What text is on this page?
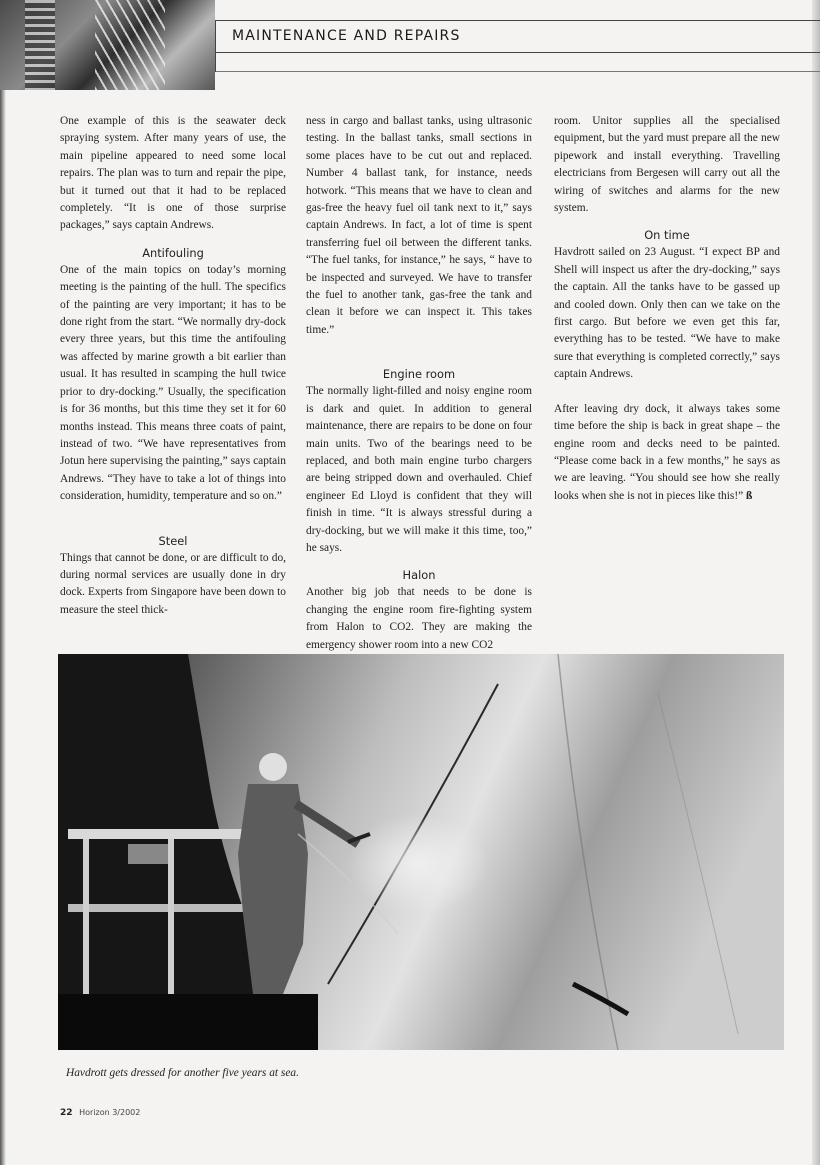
MAINTENANCE AND REPAIRS

One example of this is the seawater deck spraying system. After many years of use, the main pipeline appeared to need some local repairs. The plan was to turn and repair the pipe, but it turned out that it had to be replaced completely. “It is one of those surprise packages,” says captain Andrews.

Antifouling

One of the main topics on today’s morning meeting is the painting of the hull. The specifics of the painting are very important; it has to be done right from the start. “We normally dry-dock every three years, but this time the antifouling was affected by marine growth a bit earlier than usual. It has resulted in scamping the hull twice prior to dry-docking.” Usually, the specification is for 36 months, but this time they set it for 60 months instead. This means three coats of paint, instead of two. “We have representatives from Jotun here supervising the painting,” says captain Andrews. “They have to take a lot of things into consideration, humidity, temperature and so on.”

Steel

Things that cannot be done, or are difficult to do, during normal services are usually done in dry dock. Experts from Singapore have been down to measure the steel thick-

ness in cargo and ballast tanks, using ultrasonic testing. In the ballast tanks, small sections in some places have to be cut out and replaced. Number 4 ballast tank, for instance, needs hotwork. “This means that we have to clean and gas-free the heavy fuel oil tank next to it,” says captain Andrews. In fact, a lot of time is spent transferring fuel oil between the different tanks. “The fuel tanks, for instance,” he says, “ have to be inspected and surveyed. We have to transfer the fuel to another tank, gas-free the tank and clean it before we can inspect it. This takes time.”

Engine room

The normally light-filled and noisy engine room is dark and quiet. In addition to general maintenance, there are repairs to be done on four main units. Two of the bearings need to be replaced, and both main engine turbo chargers are being stripped down and overhauled. Chief engineer Ed Lloyd is confident that they will finish in time. “It is always stressful during a dry-docking, but we will make it this time, too,” he says.

Halon

Another big job that needs to be done is changing the engine room fire-fighting system from Halon to CO2. They are making the emergency shower room into a new CO2

room. Unitor supplies all the specialised equipment, but the yard must prepare all the new pipework and install everything. Travelling electricians from Bergesen will carry out all the wiring of switches and alarms for the new system.

On time

Havdrott sailed on 23 August. “I expect BP and Shell will inspect us after the dry-docking,” says the captain. All the tanks have to be gassed up and cooled down. Only then can we take on the first cargo. But before we even get this far, everything has to be tested. “We have to make sure that everything is completed correctly,” says captain Andrews.

After leaving dry dock, it always takes some time before the ship is back in great shape – the engine room and decks need to be painted. “Please come back in a few months,” he says as we are leaving. “You should see how she really looks when she is not in pieces like this!” ß

Havdrott gets dressed for another five years at sea.
22 Horizon 3/2002
